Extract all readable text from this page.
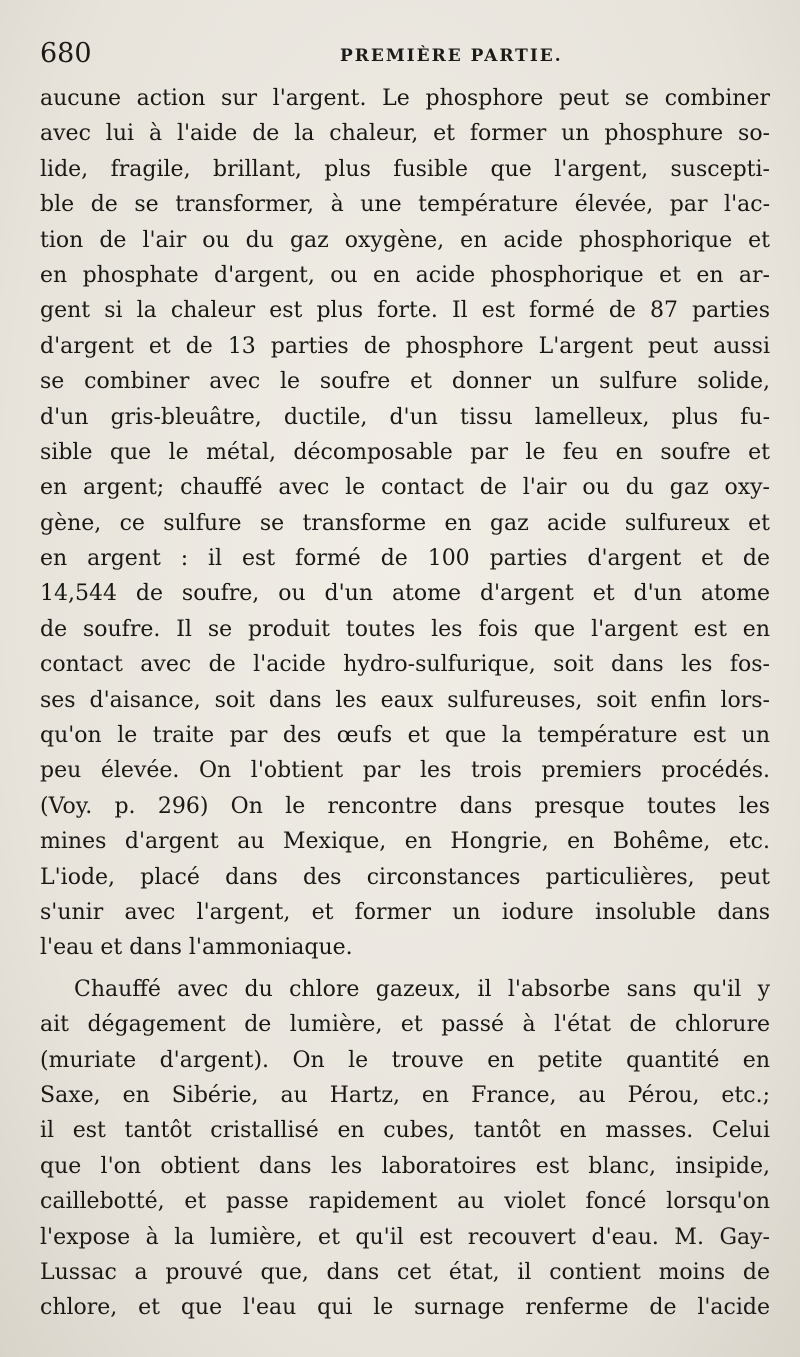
680	PREMIÈRE PARTIE.
aucune action sur l'argent. Le phosphore peut se combiner
avec lui à l'aide de la chaleur, et former un phosphure so-
lide, fragile, brillant, plus fusible que l'argent, suscepti-
ble de se transformer, à une température élevée, par l'ac-
tion de l'air ou du gaz oxygène, en acide phosphorique et
en phosphate d'argent, ou en acide phosphorique et en ar-
gent si la chaleur est plus forte. Il est formé de 87 parties
d'argent et de 13 parties de phosphore L'argent peut aussi
se combiner avec le soufre et donner un sulfure solide,
d'un gris-bleuâtre, ductile, d'un tissu lamelleux, plus fu-
sible que le métal, décomposable par le feu en soufre et
en argent; chauffé avec le contact de l'air ou du gaz oxy-
gène, ce sulfure se transforme en gaz acide sulfureux et
en argent : il est formé de 100 parties d'argent et de
14,544 de soufre, ou d'un atome d'argent et d'un atome
de soufre. Il se produit toutes les fois que l'argent est en
contact avec de l'acide hydro-sulfurique, soit dans les fos-
ses d'aisance, soit dans les eaux sulfureuses, soit enfin lors-
qu'on le traite par des œufs et que la température est un
peu élevée. On l'obtient par les trois premiers procédés.
(Voy. p. 296) On le rencontre dans presque toutes les
mines d'argent au Mexique, en Hongrie, en Bohême, etc.
L'iode, placé dans des circonstances particulières, peut
s'unir avec l'argent, et former un iodure insoluble dans
l'eau et dans l'ammoniaque.
Chauffé avec du chlore gazeux, il l'absorbe sans qu'il y
ait dégagement de lumière, et passé à l'état de chlorure
(muriate d'argent). On le trouve en petite quantité en
Saxe, en Sibérie, au Hartz, en France, au Pérou, etc.;
il est tantôt cristallisé en cubes, tantôt en masses. Celui
que l'on obtient dans les laboratoires est blanc, insipide,
caillebotté, et passe rapidement au violet foncé lorsqu'on
l'expose à la lumière, et qu'il est recouvert d'eau. M. Gay-
Lussac a prouvé que, dans cet état, il contient moins de
chlore, et que l'eau qui le surnage renferme de l'acide
